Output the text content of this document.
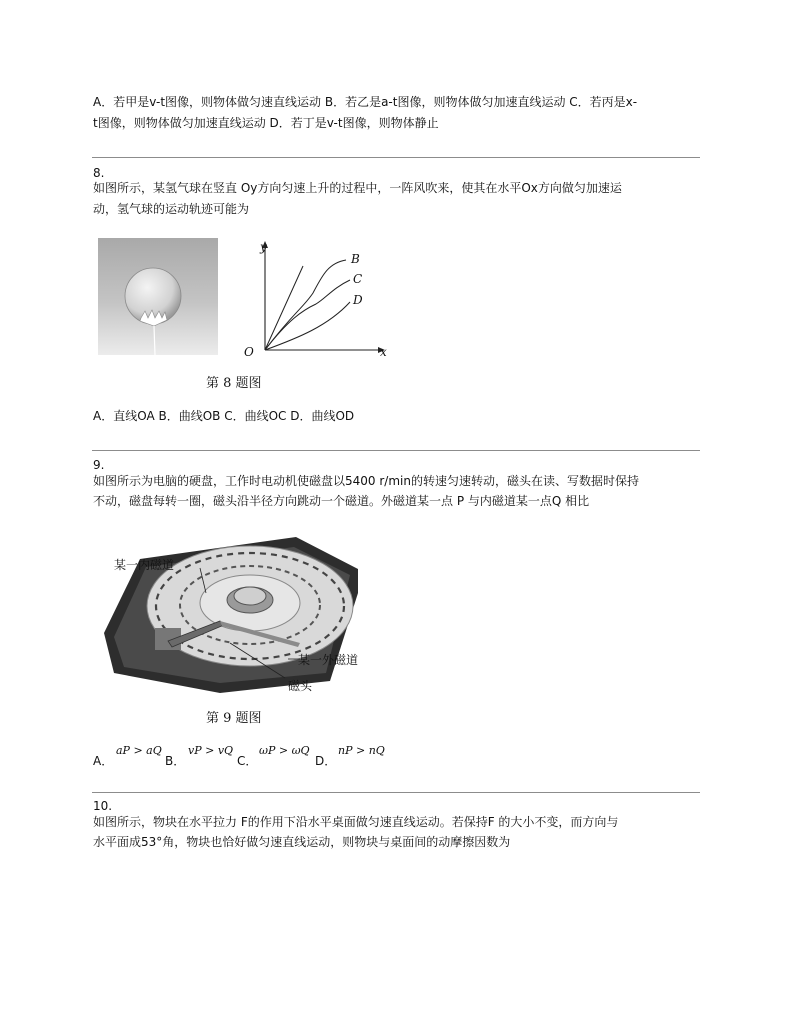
A．若甲是v-t图像，则物体做匀速直线运动 B．若乙是a-t图像，则物体做匀加速直线运动 C．若丙是x-
t图像，则物体做匀加速直线运动 D．若丁是v-t图像，则物体静止
8.
如图所示，某氢气球在竖直 Oy方向匀速上升的过程中，一阵风吹来，使其在水平Ox方向做匀加速运
动，氢气球的运动轨迹可能为
y
x
O
B
C
D
第 8 题图
A．直线OA B．曲线OB C．曲线OC D．曲线OD
9.
如图所示为电脑的硬盘，工作时电动机使磁盘以5400 r/min的转速匀速转动，磁头在读、写数据时保持
不动，磁盘每转一圈，磁头沿半径方向跳动一个磁道。外磁道某一点 P 与内磁道某一点Q 相比
某一内磁道
某一外磁道
磁头
第 9 题图
A．
aP > aQ
B．
vP > vQ
C．
ωP > ωQ
D．
nP > nQ
10.
如图所示，物块在水平拉力 F的作用下沿水平桌面做匀速直线运动。若保持F 的大小不变，而方向与
水平面成53°角，物块也恰好做匀速直线运动，则物块与桌面间的动摩擦因数为
